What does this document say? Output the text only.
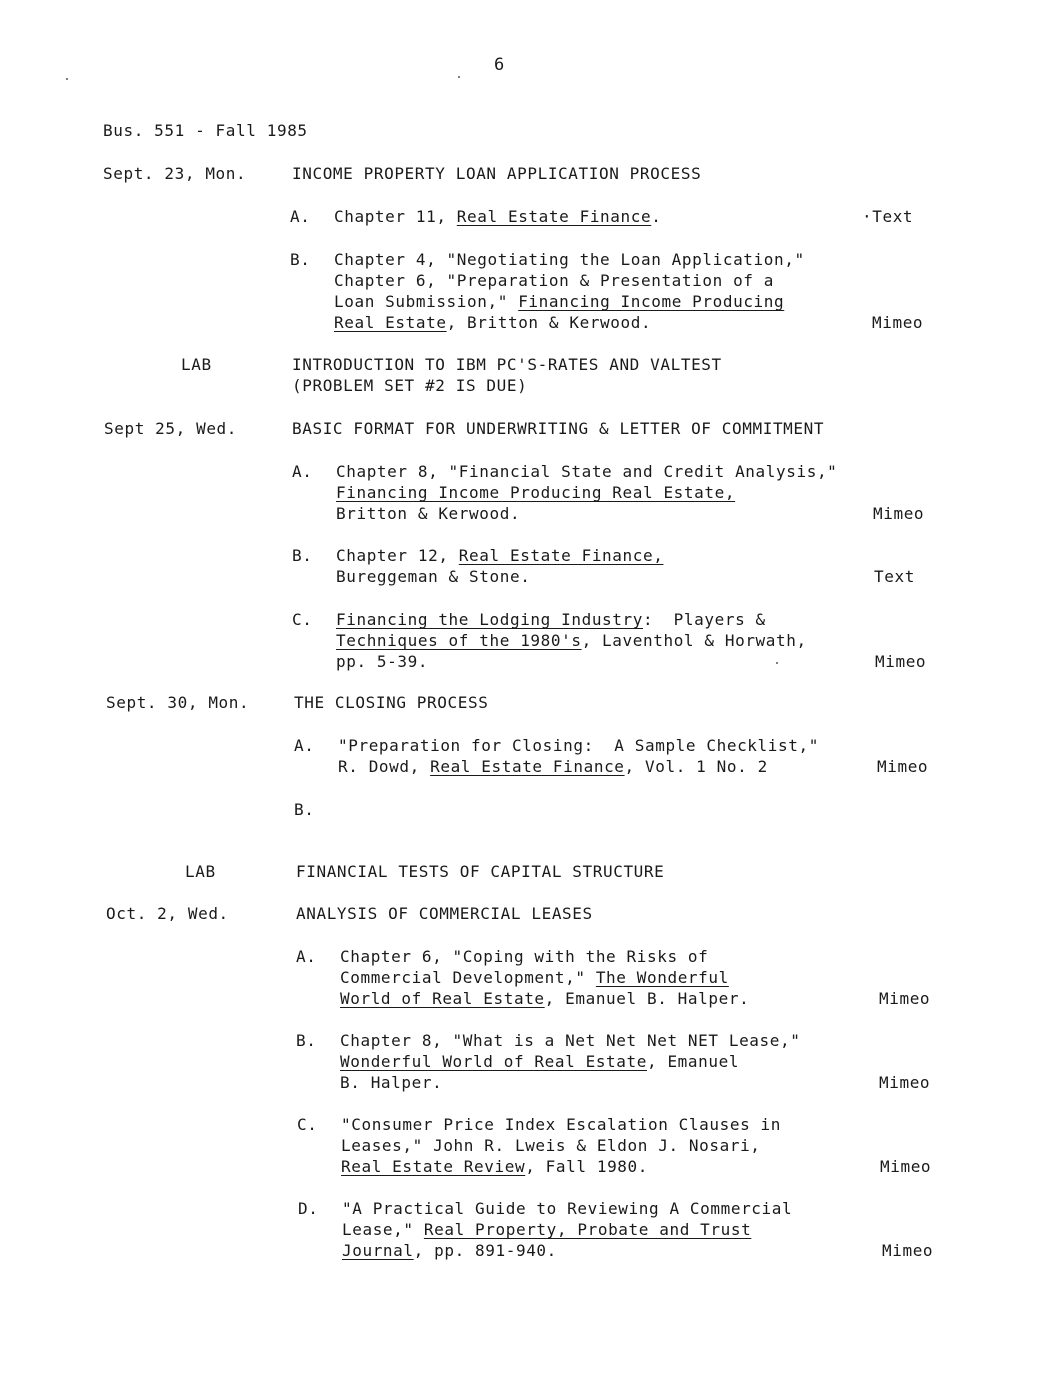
6
Bus. 551 - Fall 1985
Sept. 23, Mon.	INCOME PROPERTY LOAN APPLICATION PROCESS
A. Chapter 11, Real Estate Finance.	·Text
B. Chapter 4, "Negotiating the Loan Application,"
Chapter 6, "Preparation & Presentation of a
Loan Submission," Financing Income Producing
Real Estate, Britton & Kerwood.	Mimeo
LAB	INTRODUCTION TO IBM PC'S-RATES AND VALTEST
(PROBLEM SET #2 IS DUE)
Sept 25, Wed.	BASIC FORMAT FOR UNDERWRITING & LETTER OF COMMITMENT
A. Chapter 8, "Financial State and Credit Analysis,"
Financing Income Producing Real Estate,
Britton & Kerwood.	Mimeo
B. Chapter 12, Real Estate Finance,
Bureggeman & Stone.	Text
C. Financing the Lodging Industry:  Players &
Techniques of the 1980's, Laventhol & Horwath,
pp. 5-39.	Mimeo
Sept. 30, Mon.	THE CLOSING PROCESS
A. "Preparation for Closing:  A Sample Checklist,"
R. Dowd, Real Estate Finance, Vol. 1 No. 2	Mimeo
B.
LAB	FINANCIAL TESTS OF CAPITAL STRUCTURE
Oct. 2, Wed.	ANALYSIS OF COMMERCIAL LEASES
A. Chapter 6, "Coping with the Risks of
Commercial Development," The Wonderful
World of Real Estate, Emanuel B. Halper.	Mimeo
B. Chapter 8, "What is a Net Net Net NET Lease,"
Wonderful World of Real Estate, Emanuel
B. Halper.	Mimeo
C. "Consumer Price Index Escalation Clauses in
Leases," John R. Lweis & Eldon J. Nosari,
Real Estate Review, Fall 1980.	Mimeo
D. "A Practical Guide to Reviewing A Commercial
Lease," Real Property, Probate and Trust
Journal, pp. 891-940.	Mimeo
